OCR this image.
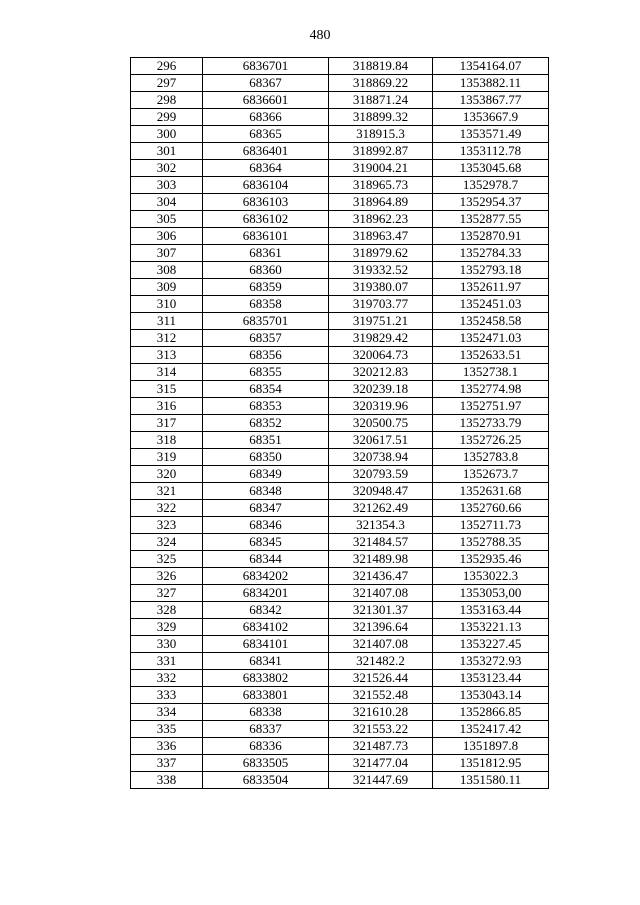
480
296	6836701	318819.84	1354164.07
297	68367	318869.22	1353882.11
298	6836601	318871.24	1353867.77
299	68366	318899.32	1353667.9
300	68365	318915.3	1353571.49
301	6836401	318992.87	1353112.78
302	68364	319004.21	1353045.68
303	6836104	318965.73	1352978.7
304	6836103	318964.89	1352954.37
305	6836102	318962.23	1352877.55
306	6836101	318963.47	1352870.91
307	68361	318979.62	1352784.33
308	68360	319332.52	1352793.18
309	68359	319380.07	1352611.97
310	68358	319703.77	1352451.03
311	6835701	319751.21	1352458.58
312	68357	319829.42	1352471.03
313	68356	320064.73	1352633.51
314	68355	320212.83	1352738.1
315	68354	320239.18	1352774.98
316	68353	320319.96	1352751.97
317	68352	320500.75	1352733.79
318	68351	320617.51	1352726.25
319	68350	320738.94	1352783.8
320	68349	320793.59	1352673.7
321	68348	320948.47	1352631.68
322	68347	321262.49	1352760.66
323	68346	321354.3	1352711.73
324	68345	321484.57	1352788.35
325	68344	321489.98	1352935.46
326	6834202	321436.47	1353022.3
327	6834201	321407.08	1353053,00
328	68342	321301.37	1353163.44
329	6834102	321396.64	1353221.13
330	6834101	321407.08	1353227.45
331	68341	321482.2	1353272.93
332	6833802	321526.44	1353123.44
333	6833801	321552.48	1353043.14
334	68338	321610.28	1352866.85
335	68337	321553.22	1352417.42
336	68336	321487.73	1351897.8
337	6833505	321477.04	1351812.95
338	6833504	321447.69	1351580.11
